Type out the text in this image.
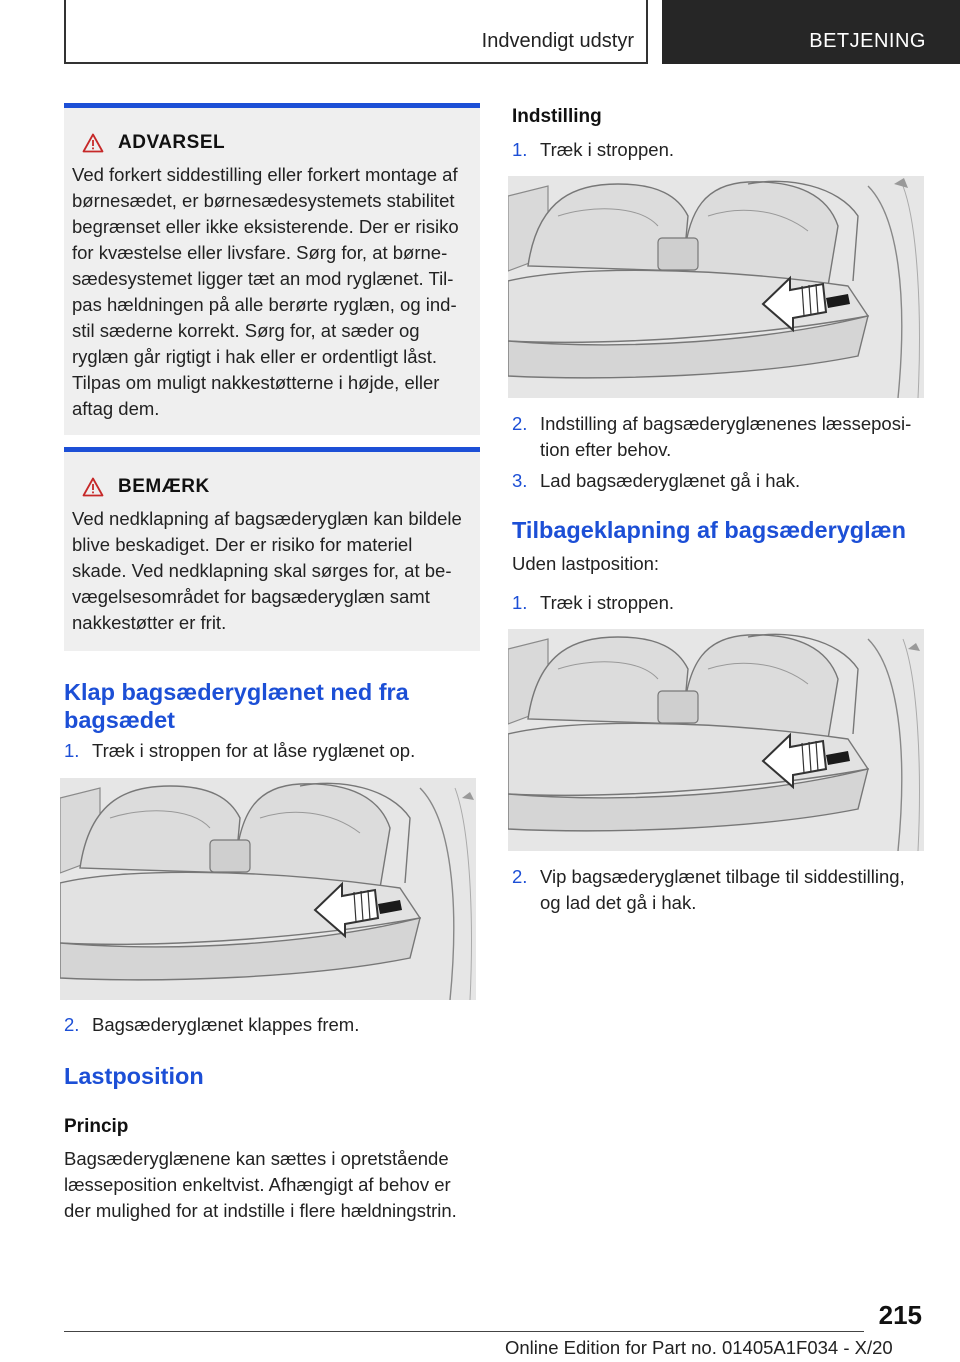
Indvendigt udstyr	BETJENING
ADVARSEL
Ved forkert siddestilling eller forkert montage af
børnesædet, er børnesædesystemets stabilitet
begrænset eller ikke eksisterende. Der er risiko
for kvæstelse eller livsfare. Sørg for, at børne-
sædesystemet ligger tæt an mod ryglænet. Til-
pas hældningen på alle berørte ryglæn, og ind-
stil sæderne korrekt. Sørg for, at sæder og
ryglæn går rigtigt i hak eller er ordentligt låst.
Tilpas om muligt nakkestøtterne i højde, eller
aftag dem.
BEMÆRK
Ved nedklapning af bagsæderyglæn kan bildele
blive beskadiget. Der er risiko for materiel
skade. Ved nedklapning skal sørges for, at be-
vægelsesområdet for bagsæderyglæn samt
nakkestøtter er frit.
Klap bagsæderyglænet ned fra
bagsædet
1. Træk i stroppen for at låse ryglænet op.
2. Bagsæderyglænet klappes frem.
Lastposition
Princip
Bagsæderyglænene kan sættes i opretstående
læsseposition enkeltvist. Afhængigt af behov er
der mulighed for at indstille i flere hældningstrin.
Indstilling
1. Træk i stroppen.
2. Indstilling af bagsæderyglænenes læsseposi-
tion efter behov.
3. Lad bagsæderyglænet gå i hak.
Tilbageklapning af bagsæderyglæn
Uden lastposition:
1. Træk i stroppen.
2. Vip bagsæderyglænet tilbage til siddestilling,
og lad det gå i hak.
215
Online Edition for Part no. 01405A1F034 - X/20
